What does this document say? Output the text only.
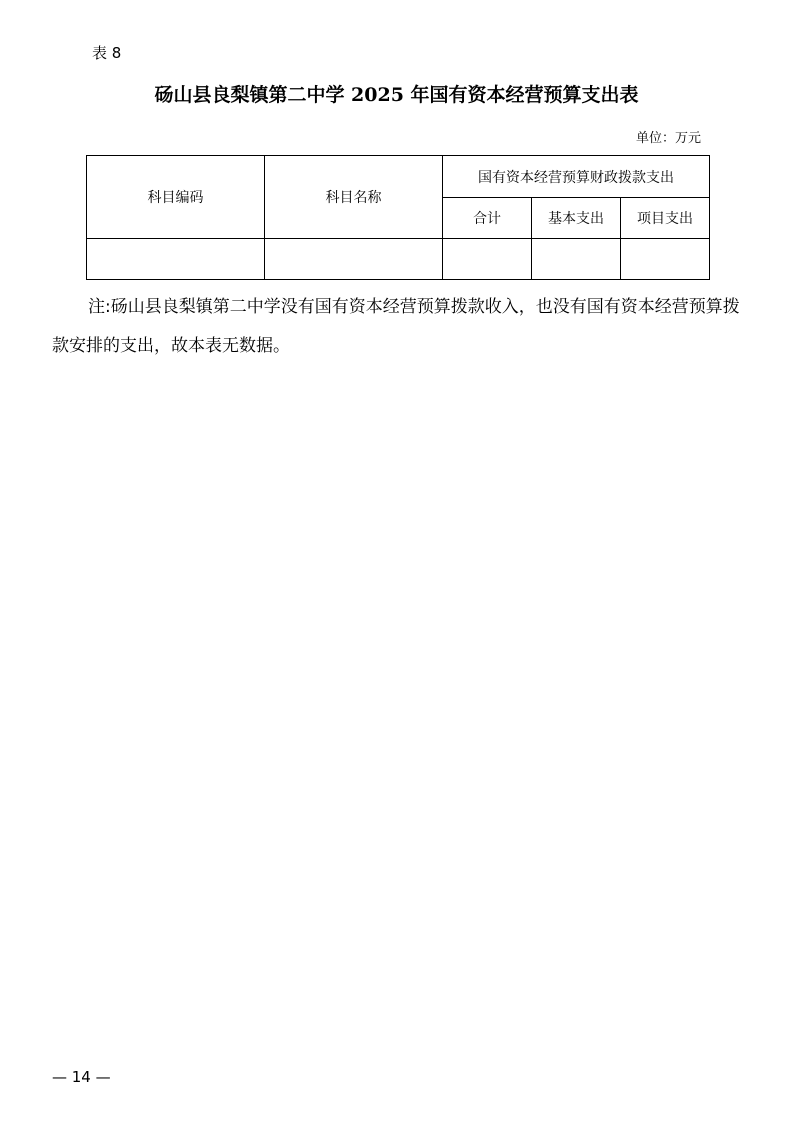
表 8
砀山县良梨镇第二中学 2025 年国有资本经营预算支出表
单位：万元
科目编码	科目名称	国有资本经营预算财政拨款支出		
		合计	基本支出	项目支出

注:砀山县良梨镇第二中学没有国有资本经营预算拨款收入，也没有国有资本经营预算拨款安排的支出，故本表无数据。
— 14 —
